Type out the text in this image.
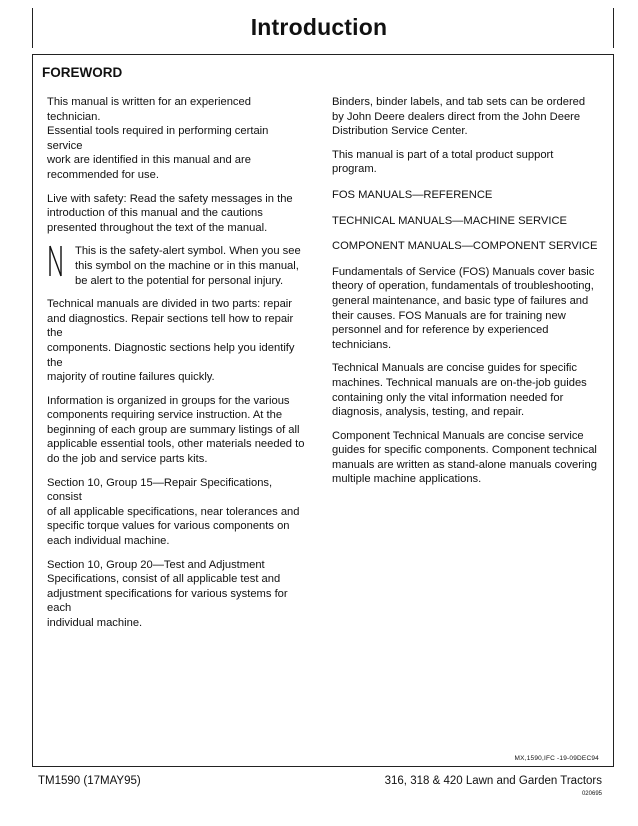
Introduction
FOREWORD

This manual is written for an experienced technician.
Essential tools required in performing certain service
work are identified in this manual and are
recommended for use.

Live with safety: Read the safety messages in the
introduction of this manual and the cautions
presented throughout the text of the manual.

This is the safety-alert symbol. When you see
this symbol on the machine or in this manual,
be alert to the potential for personal injury.

Technical manuals are divided in two parts: repair
and diagnostics. Repair sections tell how to repair the
components. Diagnostic sections help you identify the
majority of routine failures quickly.

Information is organized in groups for the various
components requiring service instruction. At the
beginning of each group are summary listings of all
applicable essential tools, other materials needed to
do the job and service parts kits.

Section 10, Group 15—Repair Specifications, consist
of all applicable specifications, near tolerances and
specific torque values for various components on
each individual machine.

Section 10, Group 20—Test and Adjustment
Specifications, consist of all applicable test and
adjustment specifications for various systems for each
individual machine.

Binders, binder labels, and tab sets can be ordered
by John Deere dealers direct from the John Deere
Distribution Service Center.

This manual is part of a total product support
program.

FOS MANUALS—REFERENCE

TECHNICAL MANUALS—MACHINE SERVICE

COMPONENT MANUALS—COMPONENT SERVICE

Fundamentals of Service (FOS) Manuals cover basic
theory of operation, fundamentals of troubleshooting,
general maintenance, and basic type of failures and
their causes. FOS Manuals are for training new
personnel and for reference by experienced
technicians.

Technical Manuals are concise guides for specific
machines. Technical manuals are on-the-job guides
containing only the vital information needed for
diagnosis, analysis, testing, and repair.

Component Technical Manuals are concise service
guides for specific components. Component technical
manuals are written as stand-alone manuals covering
multiple machine applications.

MX,1590,IFC -19-09DEC94
TM1590 (17MAY95)	316, 318 & 420 Lawn and Garden Tractors
020695
